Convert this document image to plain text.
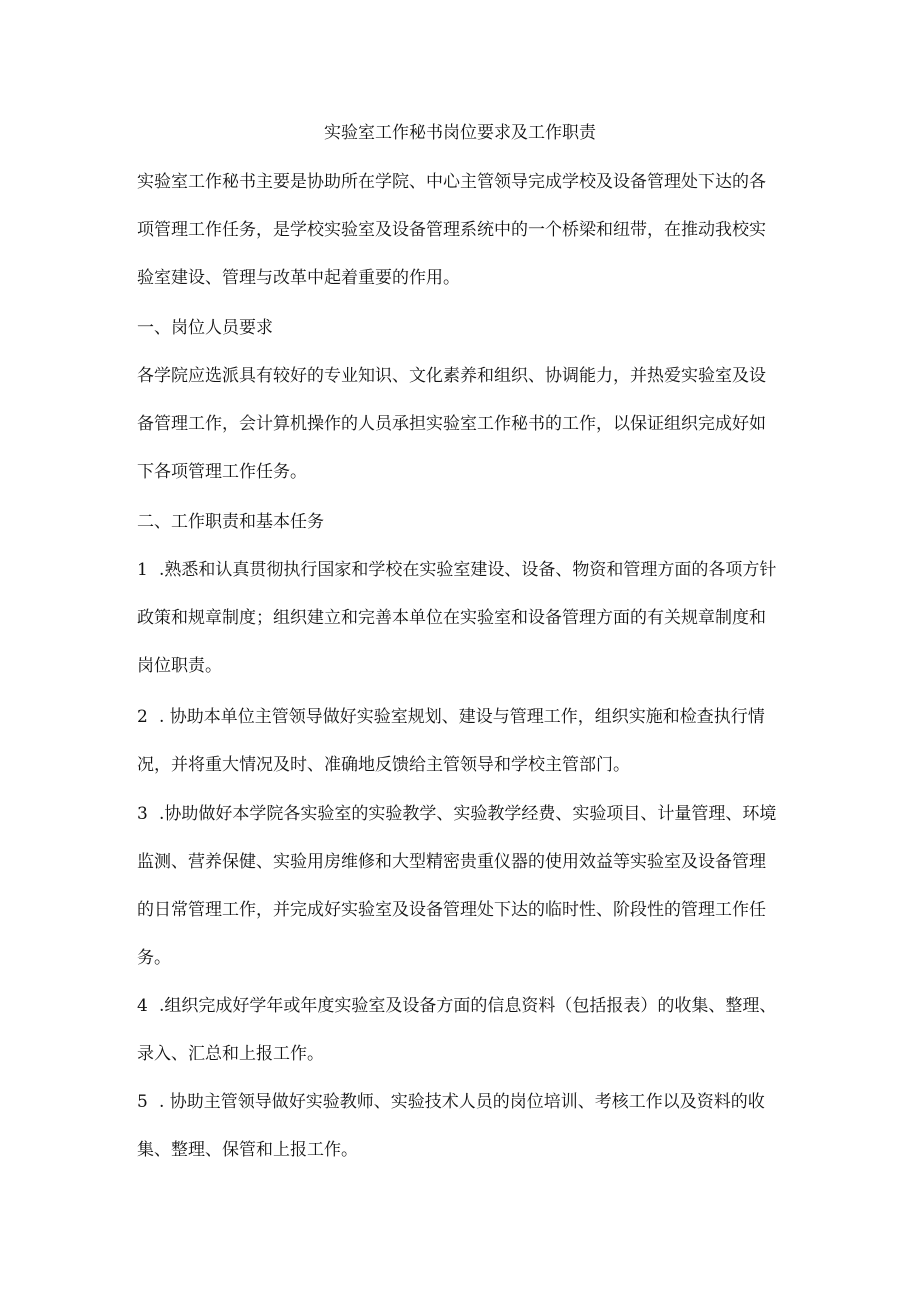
实验室工作秘书岗位要求及工作职责
实验室工作秘书主要是协助所在学院、中心主管领导完成学校及设备管理处下达的各
项管理工作任务，是学校实验室及设备管理系统中的一个桥梁和纽带，在推动我校实
验室建设、管理与改革中起着重要的作用。
一、岗位人员要求
各学院应选派具有较好的专业知识、文化素养和组织、协调能力，并热爱实验室及设
备管理工作，会计算机操作的人员承担实验室工作秘书的工作，以保证组织完成好如
下各项管理工作任务。
二、工作职责和基本任务
1 .熟悉和认真贯彻执行国家和学校在实验室建设、设备、物资和管理方面的各项方针
政策和规章制度；组织建立和完善本单位在实验室和设备管理方面的有关规章制度和
岗位职责。
2 . 协助本单位主管领导做好实验室规划、建设与管理工作，组织实施和检查执行情
况，并将重大情况及时、准确地反馈给主管领导和学校主管部门。
3 .协助做好本学院各实验室的实验教学、实验教学经费、实验项目、计量管理、环境
监测、营养保健、实验用房维修和大型精密贵重仪器的使用效益等实验室及设备管理
的日常管理工作，并完成好实验室及设备管理处下达的临时性、阶段性的管理工作任
务。
4 .组织完成好学年或年度实验室及设备方面的信息资料（包括报表）的收集、整理、
录入、汇总和上报工作。
5 . 协助主管领导做好实验教师、实验技术人员的岗位培训、考核工作以及资料的收
集、整理、保管和上报工作。
